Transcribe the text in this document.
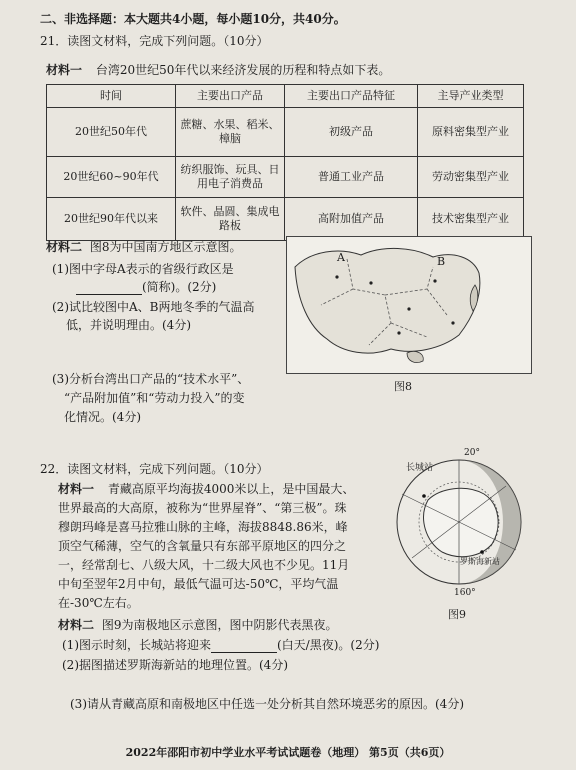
二、非选择题：本大题共4小题，每小题10分，共40分。
21．读图文材料，完成下列问题。（10分）
材料一 台湾20世纪50年代以来经济发展的历程和特点如下表。
时间	主要出口产品	主要出口产品特征	主导产业类型
20世纪50年代	蔗糖、水果、稻米、樟脑	初级产品	原料密集型产业
20世纪60~90年代	纺织服饰、玩具、日用电子消费品	普通工业产品	劳动密集型产业
20世纪90年代以来	软件、晶圆、集成电路板	高附加值产品	技术密集型产业
材料二 图8为中国南方地区示意图。
(1)图中字母A表示的省级行政区是
(简称)。(2分)
(2)试比较图中A、B两地冬季的气温高
低，并说明理由。(4分)
(3)分析台湾出口产品的“技术水平”、
“产品附加值”和“劳动力投入”的变
化情况。(4分)
A	B
图8
22．读图文材料，完成下列问题。（10分）
材料一 青藏高原平均海拔4000米以上，是中国最大、
世界最高的大高原，被称为“世界屋脊”、“第三极”。珠
穆朗玛峰是喜马拉雅山脉的主峰，海拔8848.86米，峰
顶空气稀薄，空气的含氧量只有东部平原地区的四分之
一，经常刮七、八级大风，十二级大风也不少见。11月
中旬至翌年2月中旬，最低气温可达-50℃，平均气温
在-30℃左右。
材料二 图9为南极地区示意图，图中阴影代表黑夜。
(1)图示时刻，长城站将迎来	(白天/黑夜)。(2分)
(2)据图描述罗斯海新站的地理位置。(4分)
(3)请从青藏高原和南极地区中任选一处分析其自然环境恶劣的原因。(4分)
长城站
罗斯海新站
20°
160°
图9
2022年邵阳市初中学业水平考试试题卷（地理） 第5页（共6页）
